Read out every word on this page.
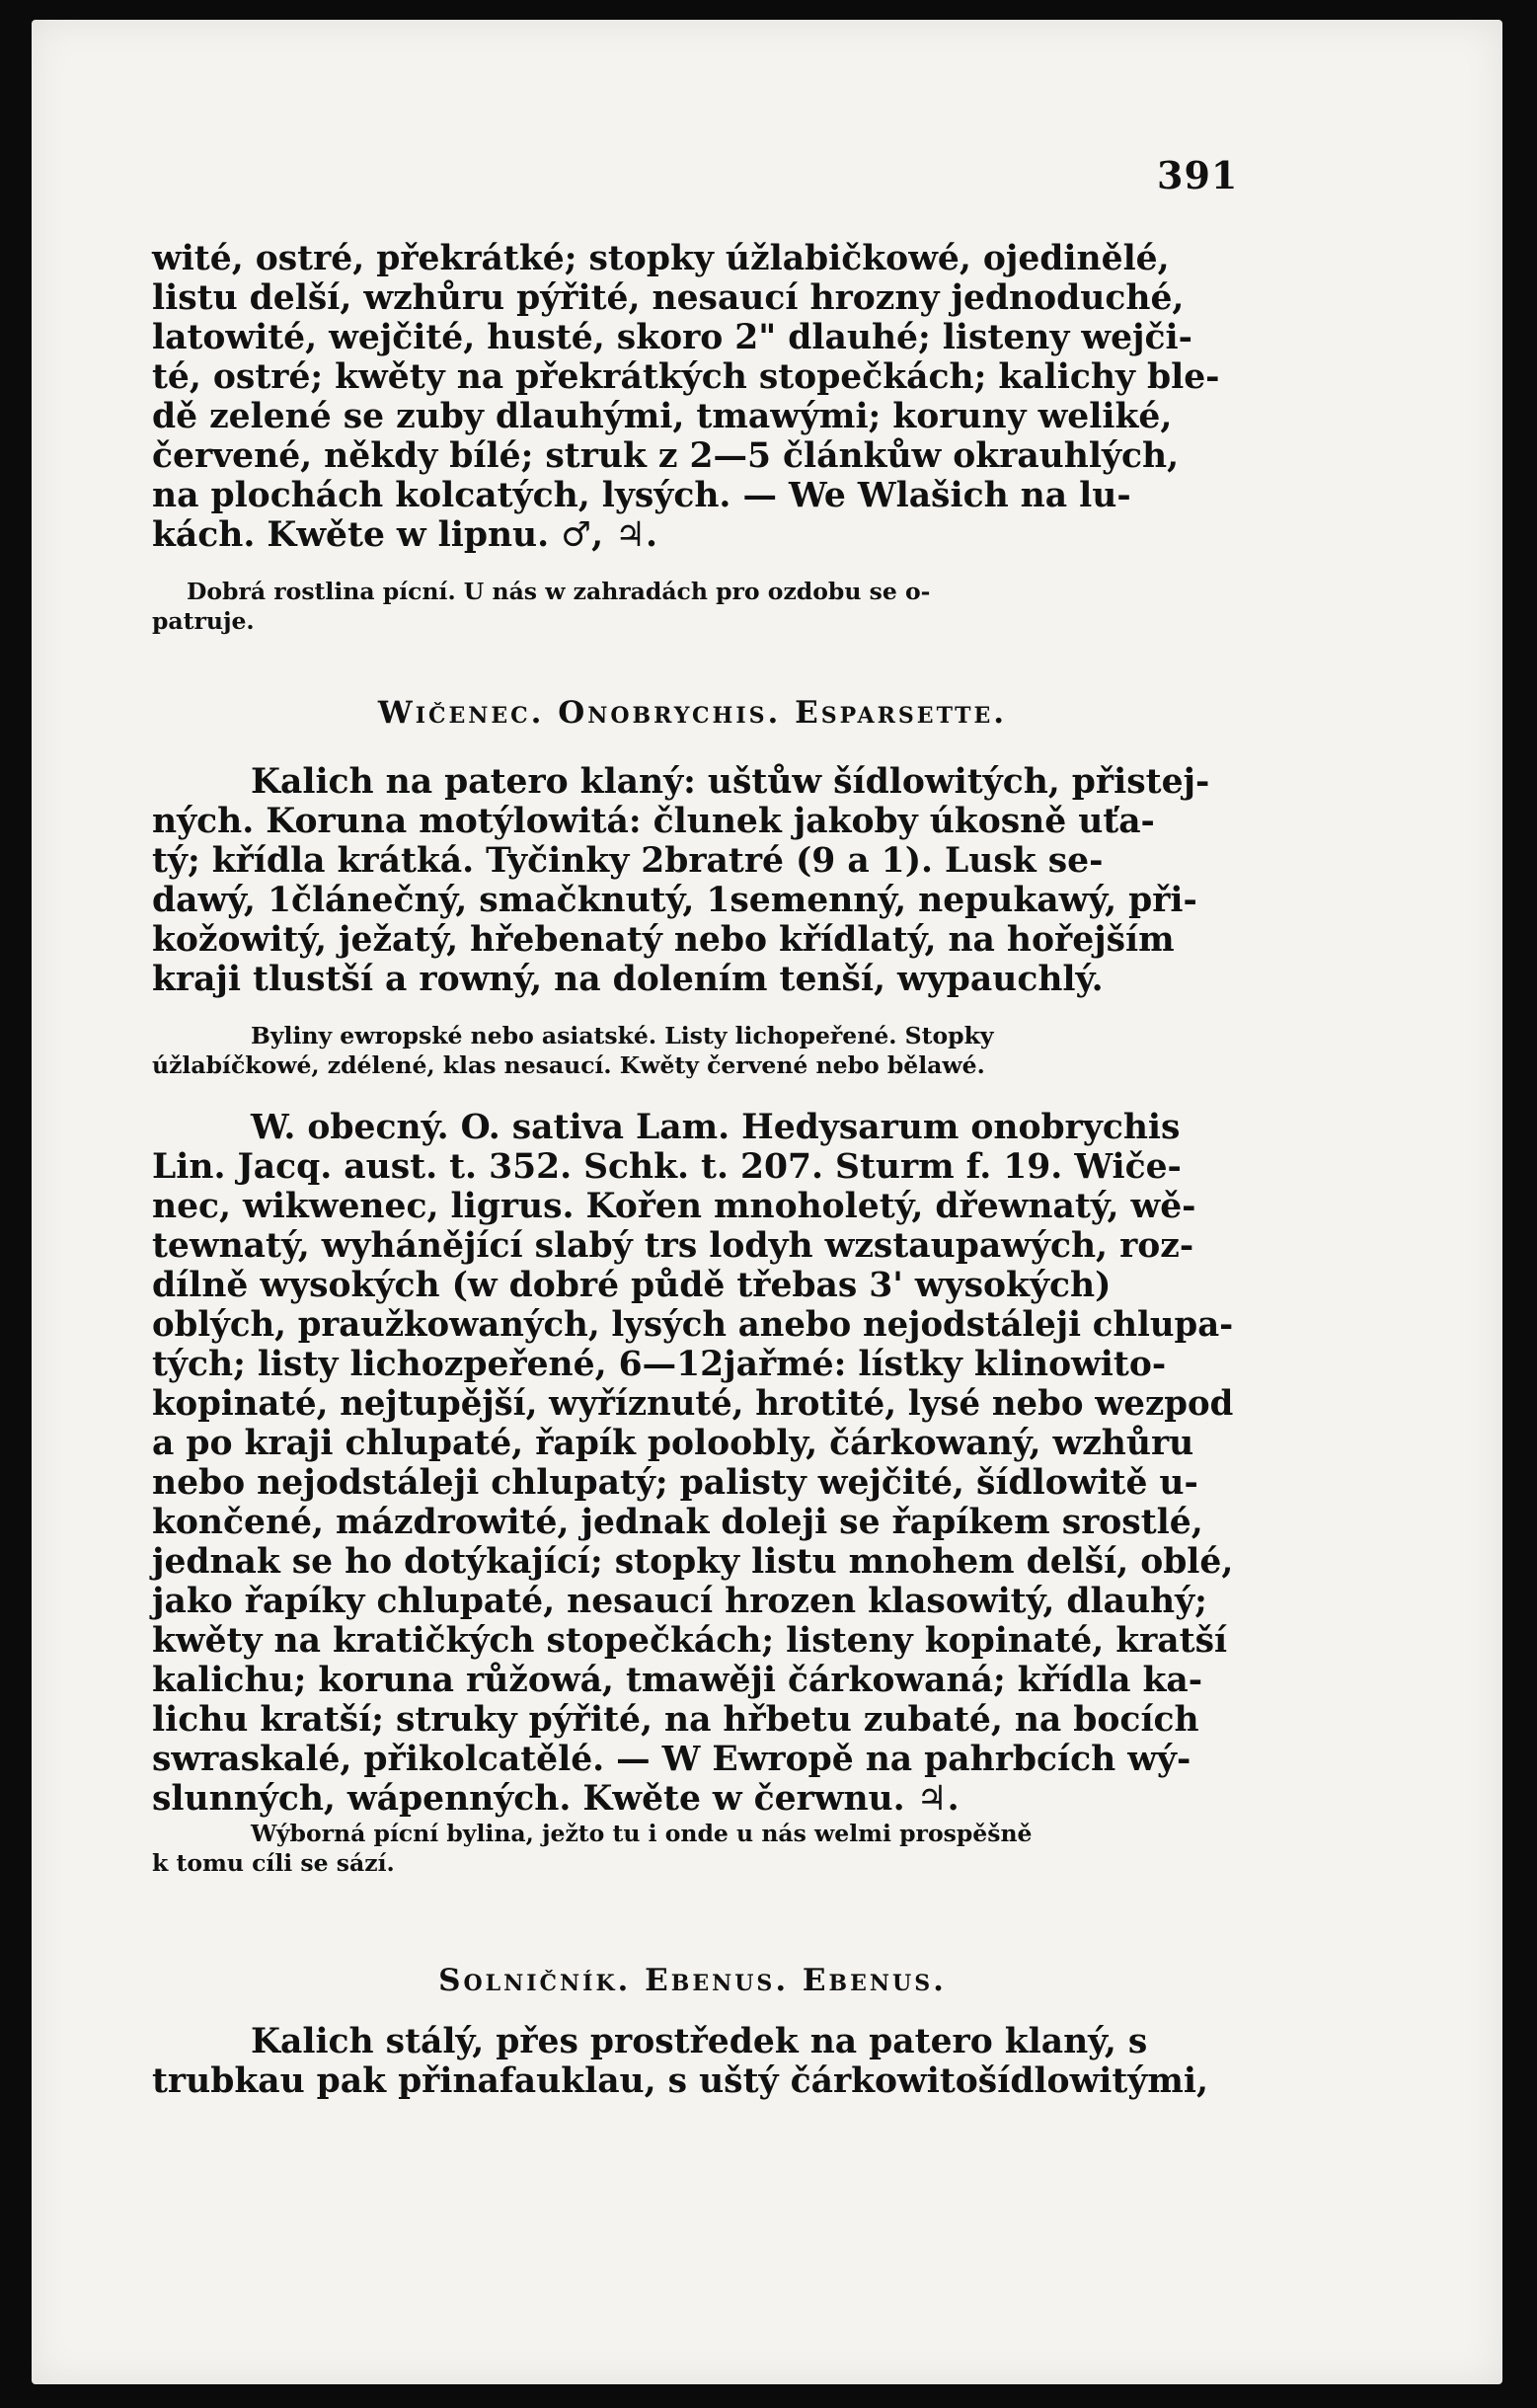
391
wité, ostré, překrátké; stopky úžlabičkowé, ojedinělé,
listu delší, wzhůru pýřité, nesaucí hrozny jednoduché,
latowité, wejčité, husté, skoro 2" dlauhé; listeny wejči-
té, ostré; kwěty na překrátkých stopečkách; kalichy ble-
dě zelené se zuby dlauhými, tmawými; koruny weliké,
červené, někdy bílé; struk z 2—5 článkůw okrauhlých,
na plochách kolcatých, lysých. — We Wlašich na lu-
kách. Kwěte w lipnu. ♂, ♃.
Dobrá rostlina pícní. U nás w zahradách pro ozdobu se o-
patruje.
Wičenec. Onobrychis. Esparsette.
Kalich na patero klaný: uštůw šídlowitých, přistej-
ných. Koruna motýlowitá: člunek jakoby úkosně uťa-
tý; křídla krátká. Tyčinky 2bratré (9 a 1). Lusk se-
dawý, 1článečný, smačknutý, 1semenný, nepukawý, při-
kožowitý, ježatý, hřebenatý nebo křídlatý, na hořejším
kraji tlustší a rowný, na dolením tenší, wypauchlý.
Byliny ewropské nebo asiatské. Listy lichopeřené. Stopky
úžlabíčkowé, zdélené, klas nesaucí. Kwěty červené nebo bělawé.
W. obecný. O. sativa Lam. Hedysarum onobrychis
Lin. Jacq. aust. t. 352. Schk. t. 207. Sturm f. 19. Wiče-
nec, wikwenec, ligrus. Kořen mnoholetý, dřewnatý, wě-
tewnatý, wyhánějící slabý trs lodyh wzstaupawých, roz-
dílně wysokých (w dobré půdě třebas 3' wysokých)
oblých, praužkowaných, lysých anebo nejodstáleji chlupa-
tých; listy lichozpeřené, 6—12jařmé: lístky klinowito-
kopinaté, nejtupější, wyříznuté, hrotité, lysé nebo wezpod
a po kraji chlupaté, řapík poloobly, čárkowaný, wzhůru
nebo nejodstáleji chlupatý; palisty wejčité, šídlowitě u-
končené, mázdrowité, jednak doleji se řapíkem srostlé,
jednak se ho dotýkající; stopky listu mnohem delší, oblé,
jako řapíky chlupaté, nesaucí hrozen klasowitý, dlauhý;
kwěty na kratičkých stopečkách; listeny kopinaté, kratší
kalichu; koruna růžowá, tmawěji čárkowaná; křídla ka-
lichu kratší; struky pýřité, na hřbetu zubaté, na bocích
swraskalé, přikolcatělé. — W Ewropě na pahrbcích wý-
slunných, wápenných. Kwěte w čerwnu. ♃.
Wýborná pícní bylina, ježto tu i onde u nás welmi prospěšně
k tomu cíli se sází.
Solničník. Ebenus. Ebenus.
Kalich stálý, přes prostředek na patero klaný, s
trubkau pak přinafauklau, s uštý čárkowitošídlowitými,
